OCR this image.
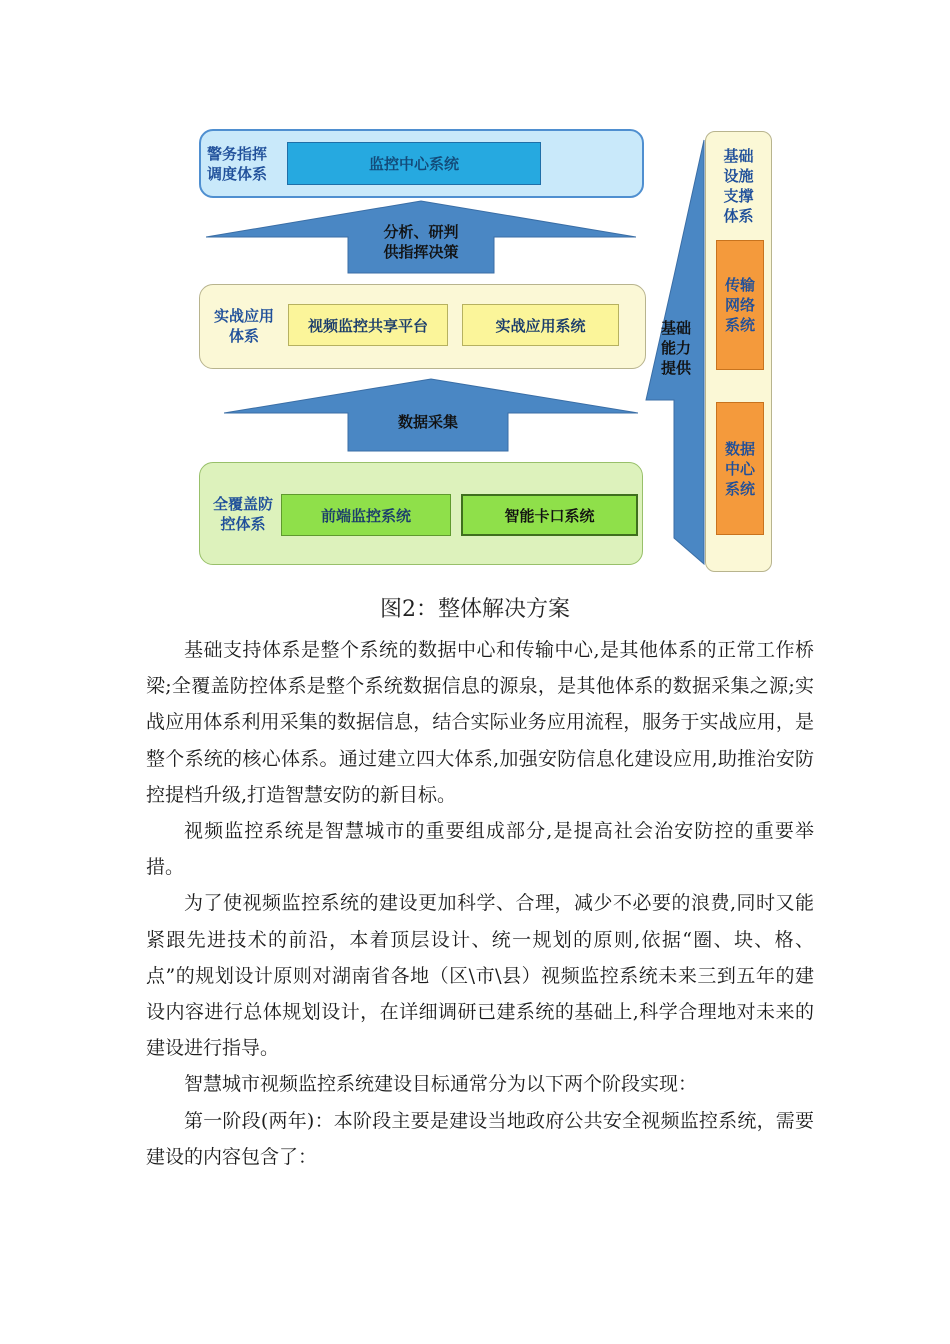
警务指挥
调度体系
监控中心系统
分析、研判
供指挥决策
实战应用
体系
视频监控共享平台	实战应用系统
数据采集
全覆盖防
控体系	前端监控系统	智能卡口系统
基础
能力
提供
基础
设施
支撑
体系
传输
网络
系统
数据
中心
系统
图2：整体解决方案

基础支持体系是整个系统的数据中心和传输中心,是其他体系的正常工作桥梁;全覆盖防控体系是整个系统数据信息的源泉，是其他体系的数据采集之源;实战应用体系利用采集的数据信息，结合实际业务应用流程，服务于实战应用，是整个系统的核心体系。通过建立四大体系,加强安防信息化建设应用,助推治安防控提档升级,打造智慧安防的新目标。

视频监控系统是智慧城市的重要组成部分,是提高社会治安防控的重要举措。

为了使视频监控系统的建设更加科学、合理，减少不必要的浪费,同时又能紧跟先进技术的前沿，本着顶层设计、统一规划的原则,依据“圈、块、格、点”的规划设计原则对湖南省各地（区\市\县）视频监控系统未来三到五年的建设内容进行总体规划设计，在详细调研已建系统的基础上,科学合理地对未来的建设进行指导。

智慧城市视频监控系统建设目标通常分为以下两个阶段实现：

第一阶段(两年)：本阶段主要是建设当地政府公共安全视频监控系统，需要建设的内容包含了：
